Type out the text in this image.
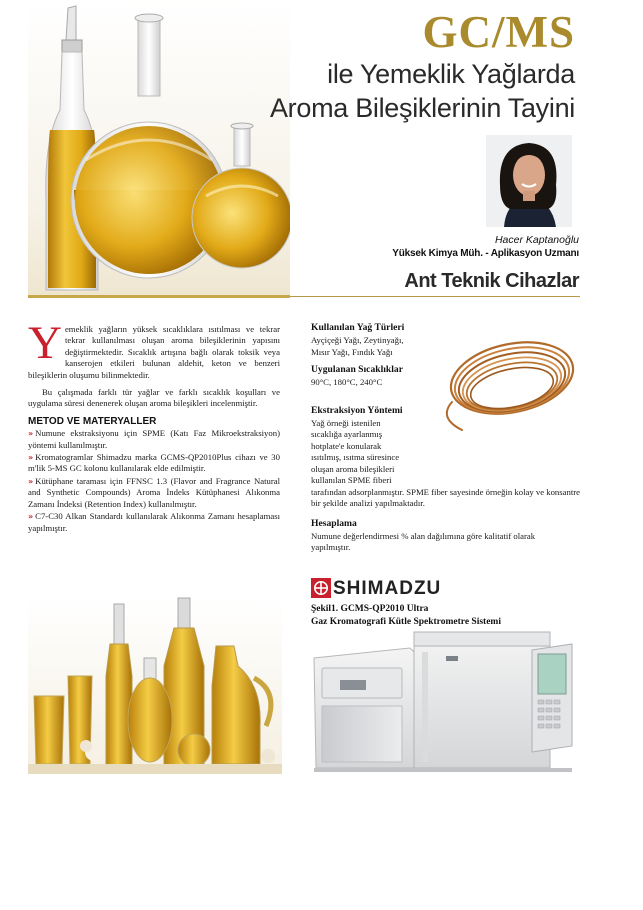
GC/MS
ile Yemeklik Yağlarda
Aroma Bileşiklerinin Tayini
Hacer Kaptanoğlu
Yüksek Kimya Müh. - Aplikasyon Uzmanı
Ant Teknik Cihazlar

Yemeklik yağların yüksek sıcaklıklara ısıtılması ve tekrar tekrar kullanılması oluşan aroma bileşiklerinin yapısını değiştirmektedir. Sıcaklık artışına bağlı olarak toksik veya kanserojen etkileri bulunan aldehit, keton ve benzeri bileşiklerin oluşumu bilinmektedir.

Bu çalışmada farklı tür yağlar ve farklı sıcaklık koşulları ve uygulama süresi denenerek oluşan aroma bileşikleri incelenmiştir.

METOD VE MATERYALLER
» Numune ekstraksiyonu için SPME (Katı Faz Mikroekstraksiyon) yöntemi kullanılmıştır.
» Kromatogramlar Shimadzu marka GCMS-QP2010Plus cihazı ve 30 m'lik 5-MS GC kolonu kullanılarak elde edilmiştir.
» Kütüphane taraması için FFNSC 1.3 (Flavor and Fragrance Natural and Synthetic Compounds) Aroma İndeks Kütüphanesi Alıkonma Zamanı İndeksi (Retention Index) kullanılmıştır.
» C7-C30 Alkan Standardı kullanılarak Alıkonma Zamanı hesaplaması yapılmıştır.
Kullanılan Yağ Türleri
Ayçiçeği Yağı, Zeytinyağı,
Mısır Yağı, Fındık Yağı
Uygulanan Sıcaklıklar
90°C, 180°C, 240°C
Ekstraksiyon Yöntemi
Yağ örneği istenilen
sıcaklığa ayarlanmış
hotplate'e konularak
ısıtılmış, ısıtma süresince
oluşan aroma bileşikleri
kullanılan SPME fiberi
tarafından adsorplanmıştır. SPME fiber sayesinde örneğin kolay ve konsantre bir şekilde analizi yapılmaktadır.
Hesaplama
Numune değerlendirmesi % alan dağılımına göre kalitatif olarak yapılmıştır.
SHIMADZU
Şekil1. GCMS-QP2010 Ultra
Gaz Kromatografi Kütle Spektrometre Sistemi
